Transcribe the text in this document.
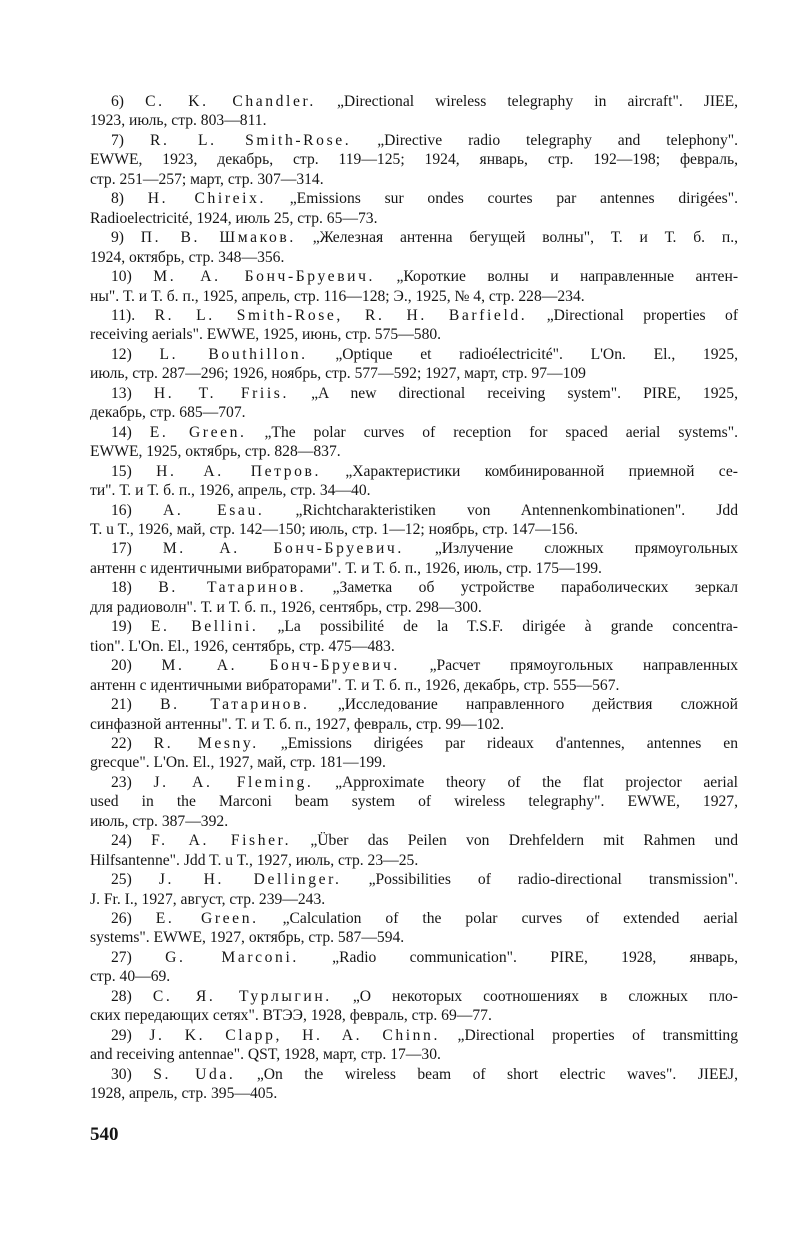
6) C. K. Chandler. „Directional wireless telegraphy in aircraft". JIEE,
1923, июль, стр. 803—811.
7) R. L. Smith-Rose. „Directive radio telegraphy and telephony".
EWWE, 1923, декабрь, стр. 119—125; 1924, январь, стр. 192—198; февраль,
стр. 251—257; март, стр. 307—314.
8) H. Chireix. „Emissions sur ondes courtes par antennes dirigées".
Radioelectricité, 1924, июль 25, стр. 65—73.
9) П. В. Шмаков. „Железная антенна бегущей волны", Т. и Т. б. п.,
1924, октябрь, стр. 348—356.
10) М. А. Бонч-Бруевич. „Короткие волны и направленные антен-
ны". Т. и Т. б. п., 1925, апрель, стр. 116—128; Э., 1925, № 4, стр. 228—234.
11). R. L. Smith-Rose, R. H. Barfield. „Directional properties of
receiving aerials". EWWE, 1925, июнь, стр. 575—580.
12) L. Bouthillon. „Optique et radioélectricité". L'On. El., 1925,
июль, стр. 287—296; 1926, ноябрь, стр. 577—592; 1927, март, стр. 97—109
13) H. T. Friis. „A new directional receiving system". PIRE, 1925,
декабрь, стр. 685—707.
14) E. Green. „The polar curves of reception for spaced aerial systems".
EWWE, 1925, октябрь, стр. 828—837.
15) Н. А. Петров. „Характеристики комбинированной приемной се-
ти". Т. и Т. б. п., 1926, апрель, стр. 34—40.
16) A. Esau. „Richtcharakteristiken von Antennenkombinationen". Jdd
T. u T., 1926, май, стр. 142—150; июль, стр. 1—12; ноябрь, стр. 147—156.
17) М. А. Бонч-Бруевич. „Излучение сложных прямоугольных
антенн с идентичными вибраторами". Т. и Т. б. п., 1926, июль, стр. 175—199.
18) В. Татаринов. „Заметка об устройстве параболических зеркал
для радиоволн". Т. и Т. б. п., 1926, сентябрь, стр. 298—300.
19) E. Bellini. „La possibilité de la T.S.F. dirigée à grande concentra-
tion". L'On. El., 1926, сентябрь, стр. 475—483.
20) М. А. Бонч-Бруевич. „Расчет прямоугольных направленных
антенн с идентичными вибраторами". Т. и Т. б. п., 1926, декабрь, стр. 555—567.
21) В. Татаринов. „Исследование направленного действия сложной
синфазной антенны". Т. и Т. б. п., 1927, февраль, стр. 99—102.
22) R. Mesny. „Emissions dirigées par rideaux d'antennes, antennes en
grecque". L'On. El., 1927, май, стр. 181—199.
23) J. A. Fleming. „Approximate theory of the flat projector aerial
used in the Marconi beam system of wireless telegraphy". EWWE, 1927,
июль, стр. 387—392.
24) F. A. Fisher. „Über das Peilen von Drehfeldern mit Rahmen und
Hilfsantenne". Jdd T. u T., 1927, июль, стр. 23—25.
25) J. H. Dellinger. „Possibilities of radio-directional transmission".
J. Fr. I., 1927, август, стр. 239—243.
26) E. Green. „Calculation of the polar curves of extended aerial
systems". EWWE, 1927, октябрь, стр. 587—594.
27) G. Marconi. „Radio communication". PIRE, 1928, январь,
стр. 40—69.
28) С. Я. Турлыгин. „О некоторых соотношениях в сложных пло-
ских передающих сетях". ВТЭЭ, 1928, февраль, стр. 69—77.
29) J. K. Clapp, H. A. Chinn. „Directional properties of transmitting
and receiving antennae". QST, 1928, март, стр. 17—30.
30) S. Uda. „On the wireless beam of short electric waves". JIEEJ,
1928, апрель, стр. 395—405.
540
